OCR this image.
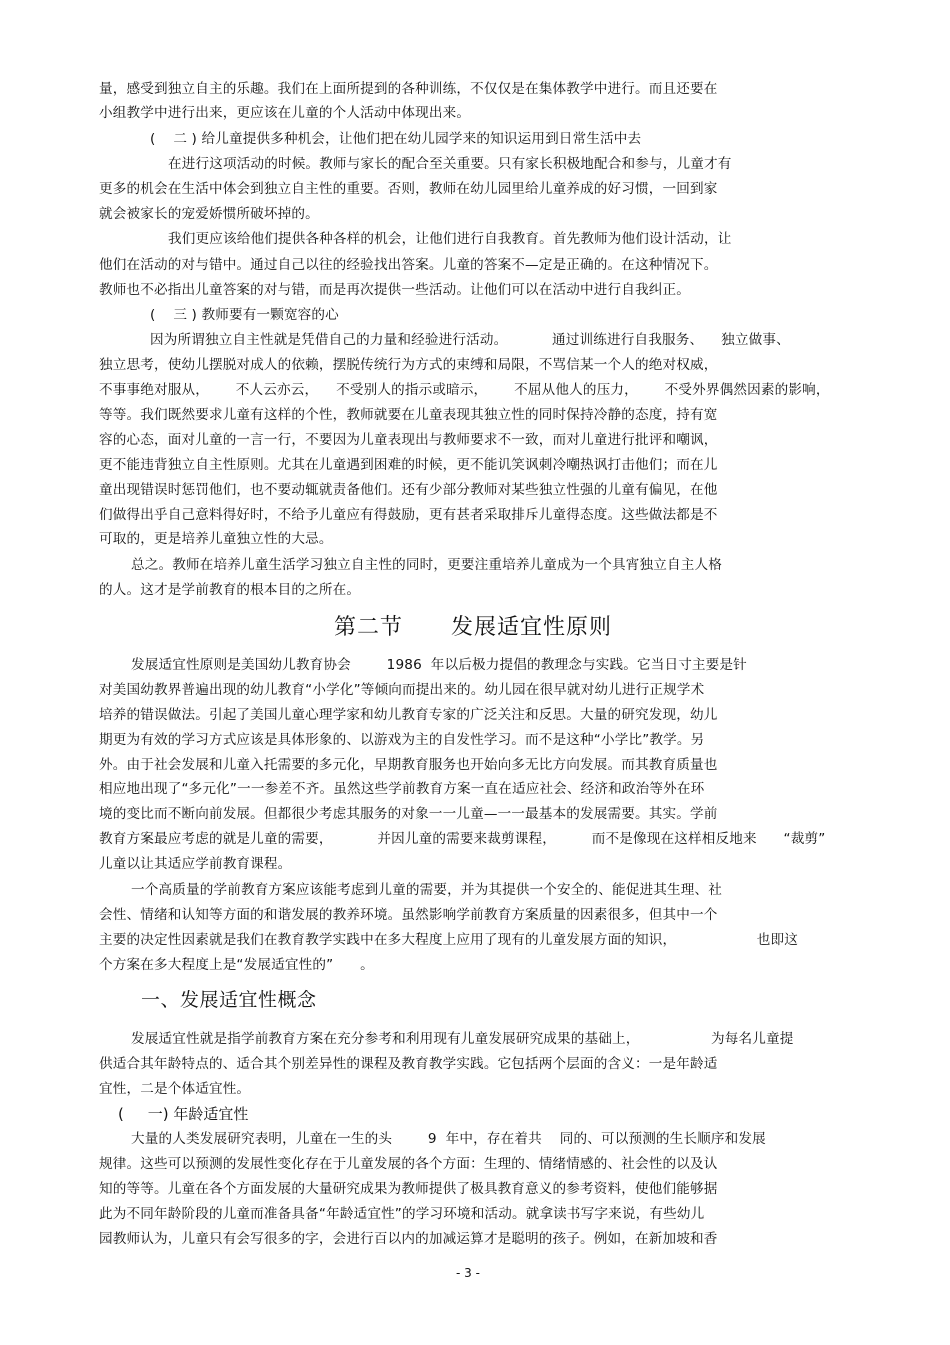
量，感受到独立自主的乐趣。我们在上面所提到的各种训练，不仅仅是在集体教学中进行。而且还要在
小组教学中进行出来，更应该在儿童的个人活动中体现出来。
(    二 ) 给儿童提供多种机会，让他们把在幼儿园学来的知识运用到日常生活中去
在进行这项活动的时候。教师与家长的配合至关重要。只有家长积极地配合和参与，儿童才有
更多的机会在生活中体会到独立自主性的重要。否则，教师在幼儿园里给儿童养成的好习惯，一回到家
就会被家长的宠爱娇惯所破坏掉的。
我们更应该给他们提供各种各样的机会，让他们进行自我教育。首先教师为他们设计活动，让
他们在活动的对与错中。通过自己以往的经验找出答案。儿童的答案不—定是正确的。在这种情况下。
教师也不必指出儿童答案的对与错，而是再次提供一些活动。让他们可以在活动中进行自我纠正。
(    三 ) 教师要有一颗宽容的心
因为所谓独立自主性就是凭借自己的力量和经验进行活动。          通过训练进行自我服务、    独立做事、
独立思考，使幼儿摆脱对成人的依赖，摆脱传统行为方式的束缚和局限，不骂信某一个人的绝对权威，
不事事绝对服从，      不人云亦云，    不受别人的指示或暗示，      不屈从他人的压力，      不受外界偶然因素的影响，
等等。我们既然要求儿童有这样的个性，教师就要在儿童表现其独立性的同时保持冷静的态度，持有宽
容的心态，面对儿童的一言一行，不要因为儿童表现出与教师要求不一致，而对儿童进行批评和嘲讽，
更不能违背独立自主性原则。尤其在儿童遇到困难的时候，更不能讥笑讽刺冷嘲热讽打击他们；而在儿
童出现错误时惩罚他们，也不要动辄就责备他们。还有少部分教师对某些独立性强的儿童有偏见，在他
们做得出乎自己意料得好时，不给予儿童应有得鼓励，更有甚者采取排斥儿童得态度。这些做法都是不
可取的，更是培养儿童独立性的大忌。
总之。教师在培养儿童生活学习独立自主性的同时，更要注重培养儿童成为一个具宵独立自主人格
的人。这才是学前教育的根本目的之所在。
第二节      发展适宜性原则
发展适宜性原则是美国幼儿教育协会        1986  年以后极力提倡的教理念与实践。它当日寸主要是针
对美国幼教界普遍出现的幼儿教育“小学化”等倾向而提出来的。幼儿园在很早就对幼儿进行正规学术
培养的错误做法。引起了美国儿童心理学家和幼儿教育专家的广泛关注和反思。大量的研究发现，幼儿
期更为有效的学习方式应该是具体形象的、以游戏为主的自发性学习。而不是这种“小学比”教学。另
外。由于社会发展和儿童入托需要的多元化，早期教育服务也开始向多无比方向发展。而其教育质量也
相应地出现了“多元化”一一参差不齐。虽然这些学前教育方案一直在适应社会、经济和政治等外在环
境的变比而不断向前发展。但都很少考虑其服务的对象一一儿童—一一最基本的发展需要。其实。学前
教育方案最应考虑的就是儿童的需要，          并因儿童的需要来裁剪课程，        而不是像现在这样相反地来      “裁剪”
儿童以让其适应学前教育课程。
一个高质量的学前教育方案应该能考虑到儿童的需要，并为其提供一个安全的、能促进其生理、社
会性、情绪和认知等方面的和谐发展的教养环境。虽然影响学前教育方案质量的因素很多，但其中一个
主要的决定性因素就是我们在教育教学实践中在多大程度上应用了现有的儿童发展方面的知识，                  也即这
个方案在多大程度上是“发展适宜性的”      。
一、发展适宜性概念
发展适宜性就是指学前教育方案在充分参考和利用现有儿童发展研究成果的基础上，                为每名儿童提
供适合其年龄特点的、适合其个别差异性的课程及教育教学实践。它包括两个层面的含义：一是年龄适
宜性，二是个体适宜性。
(     一) 年龄适宜性
大量的人类发展研究表明，儿童在一生的头        9  年中，存在着共    同的、可以预测的生长顺序和发展
规律。这些可以预测的发展性变化存在于儿童发展的各个方面：生理的、情绪情感的、社会性的以及认
知的等等。儿童在各个方面发展的大量研究成果为教师提供了极具教育意义的参考资料，使他们能够据
此为不同年龄阶段的儿童而准备具备“年龄适宜性”的学习环境和活动。就拿读书写字来说，有些幼儿
园教师认为，儿童只有会写很多的字，会进行百以内的加减运算才是聪明的孩子。例如，在新加坡和香
- 3 -
